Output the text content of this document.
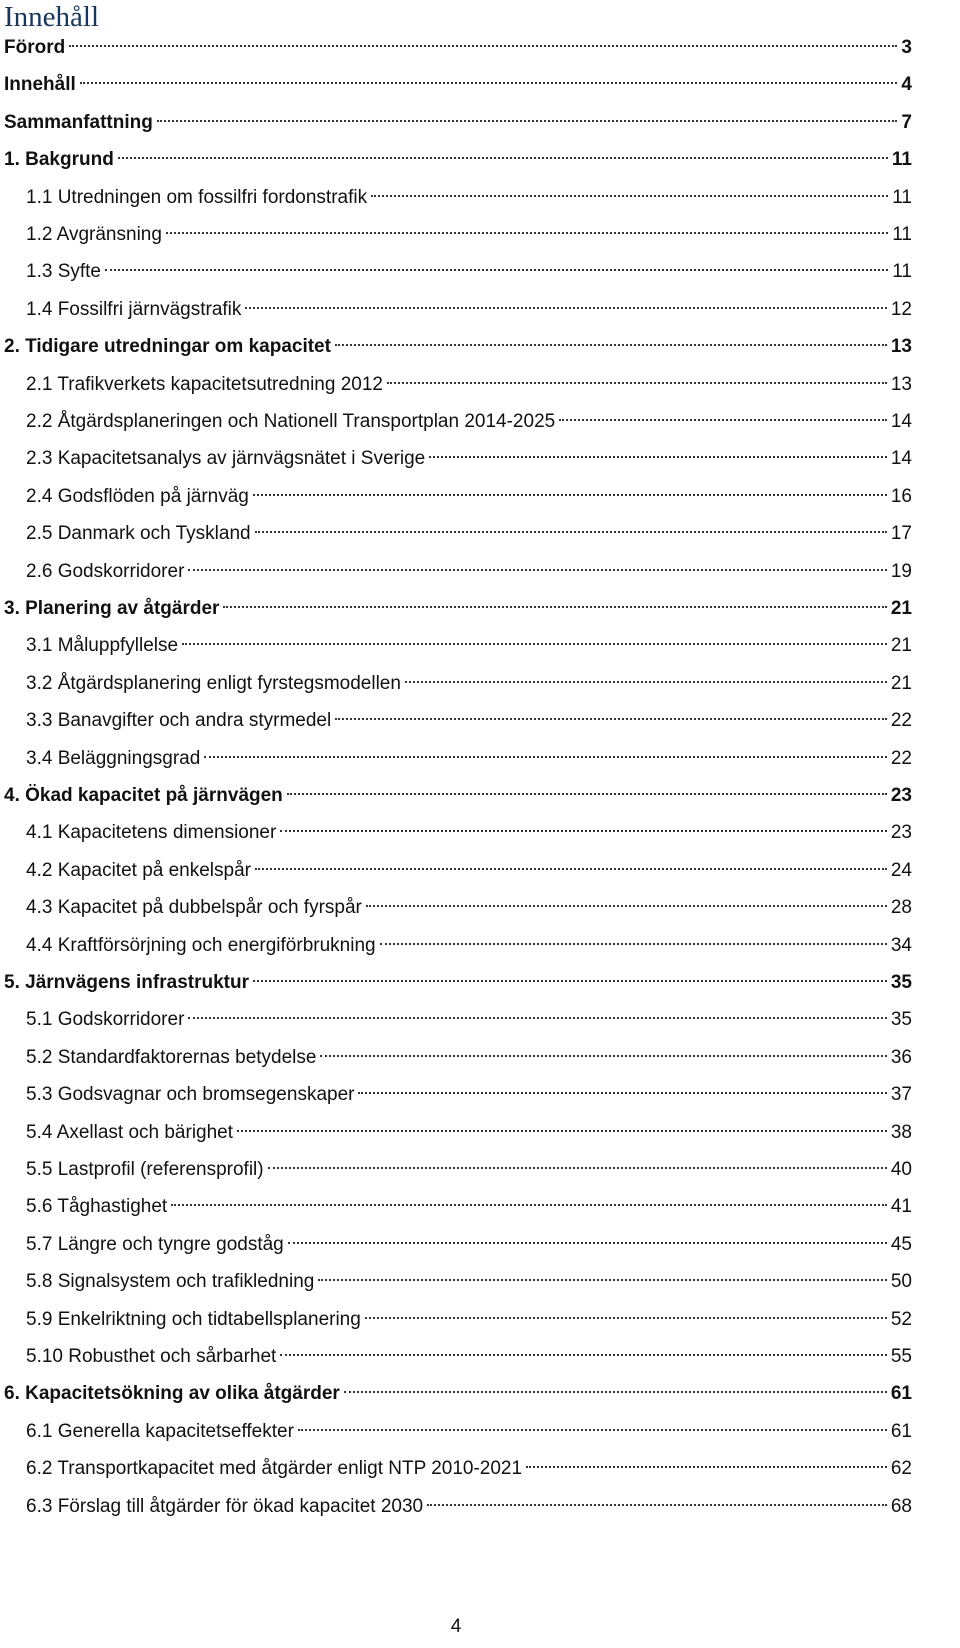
Innehåll
Förord	3
Innehåll	4
Sammanfattning	7
1. Bakgrund	11
1.1 Utredningen om fossilfri fordonstrafik	11
1.2 Avgränsning	11
1.3 Syfte	11
1.4 Fossilfri järnvägstrafik	12
2. Tidigare utredningar om kapacitet	13
2.1 Trafikverkets kapacitetsutredning 2012	13
2.2 Åtgärdsplaneringen och Nationell Transportplan 2014-2025	14
2.3 Kapacitetsanalys av järnvägsnätet i Sverige	14
2.4 Godsflöden på järnväg	16
2.5 Danmark och Tyskland	17
2.6 Godskorridorer	19
3. Planering av åtgärder	21
3.1 Måluppfyllelse	21
3.2 Åtgärdsplanering enligt fyrstegsmodellen	21
3.3 Banavgifter och andra styrmedel	22
3.4 Beläggningsgrad	22
4. Ökad kapacitet på järnvägen	23
4.1 Kapacitetens dimensioner	23
4.2 Kapacitet på enkelspår	24
4.3 Kapacitet på dubbelspår och fyrspår	28
4.4 Kraftförsörjning och energiförbrukning	34
5. Järnvägens infrastruktur	35
5.1 Godskorridorer	35
5.2 Standardfaktorernas betydelse	36
5.3 Godsvagnar och bromsegenskaper	37
5.4 Axellast och bärighet	38
5.5 Lastprofil (referensprofil)	40
5.6 Tåghastighet	41
5.7 Längre och tyngre godståg	45
5.8 Signalsystem och trafikledning	50
5.9 Enkelriktning och tidtabellsplanering	52
5.10 Robusthet och sårbarhet	55
6. Kapacitetsökning av olika åtgärder	61
6.1 Generella kapacitetseffekter	61
6.2 Transportkapacitet med åtgärder enligt NTP 2010-2021	62
6.3 Förslag till åtgärder för ökad kapacitet 2030	68
4
